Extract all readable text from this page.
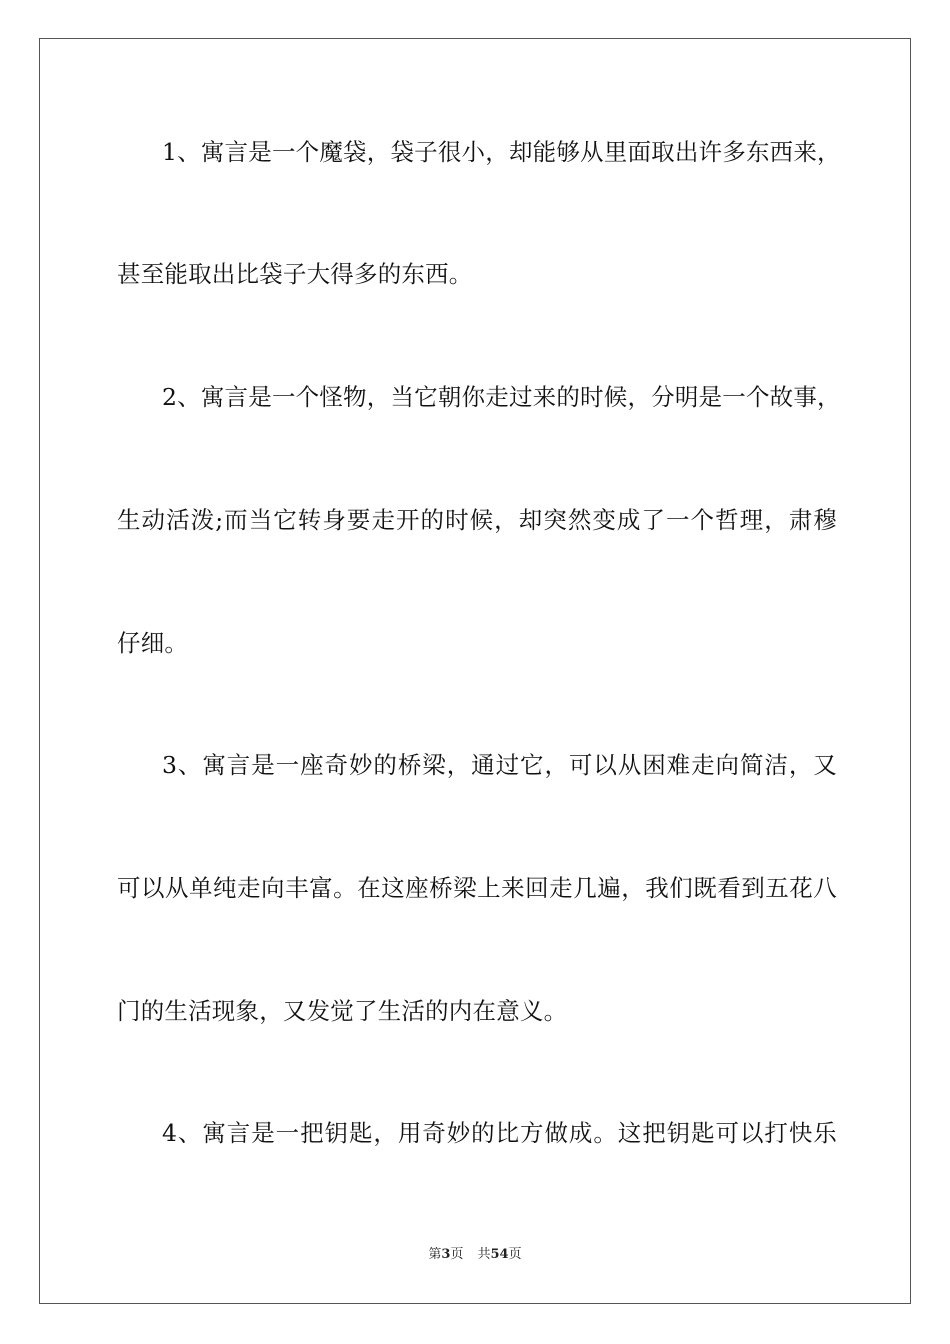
1、寓言是一个魔袋，袋子很小，却能够从里面取出许多东西来，
甚至能取出比袋子大得多的东西。
2、寓言是一个怪物，当它朝你走过来的时候，分明是一个故事，
生动活泼;而当它转身要走开的时候，却突然变成了一个哲理，肃穆
仔细。
3、寓言是一座奇妙的桥梁，通过它，可以从困难走向简洁，又
可以从单纯走向丰富。在这座桥梁上来回走几遍，我们既看到五花八
门的生活现象，又发觉了生活的内在意义。
4、寓言是一把钥匙，用奇妙的比方做成。这把钥匙可以打快乐
第3页 共54页
